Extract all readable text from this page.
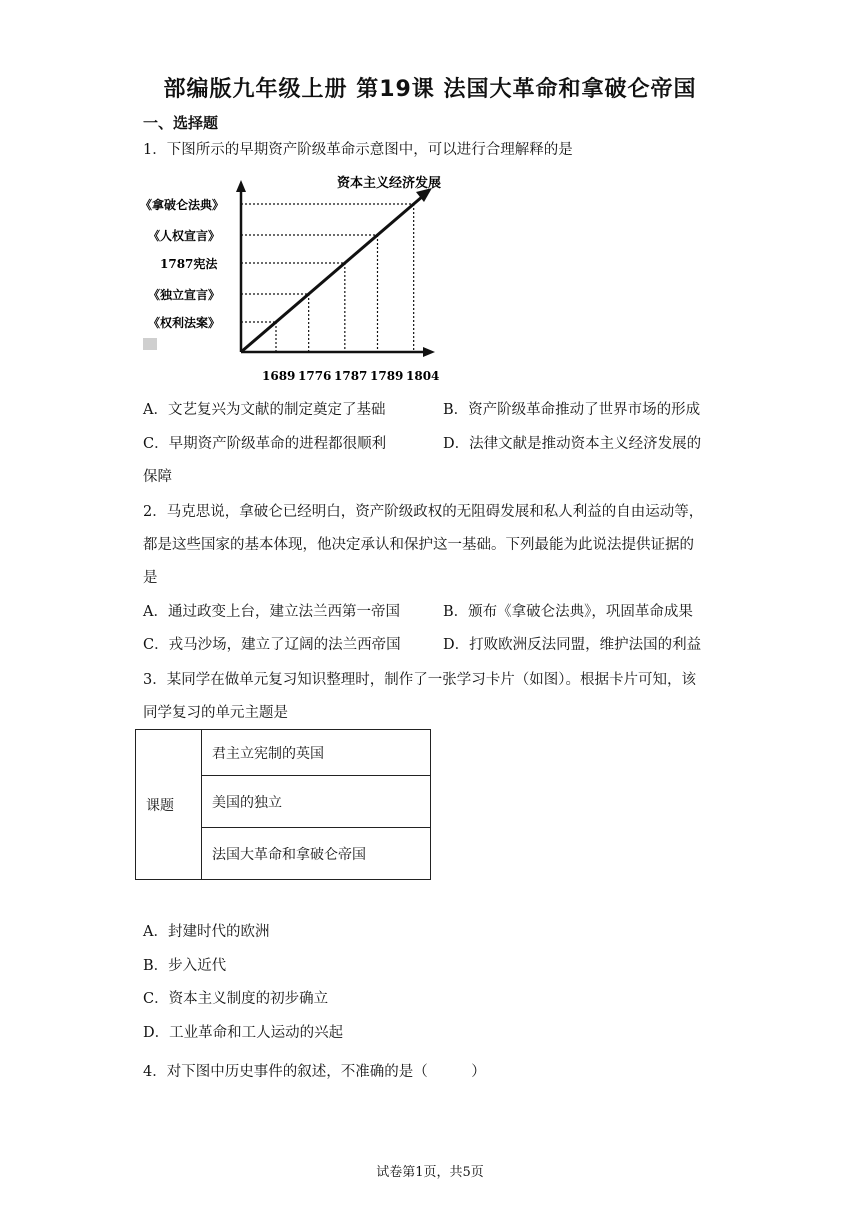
部编版九年级上册 第19课 法国大革命和拿破仑帝国
一、选择题
1．下图所示的早期资产阶级革命示意图中，可以进行合理解释的是
《权利法案》
《独立宣言》
1787宪法
《人权宣言》
《拿破仑法典》
1689 1776 1787 1789 1804
资本主义经济发展
A．文艺复兴为文献的制定奠定了基础	B．资产阶级革命推动了世界市场的形成
C．早期资产阶级革命的进程都很顺利	D．法律文献是推动资本主义经济发展的
保障
2．马克思说，拿破仑已经明白，资产阶级政权的无阻碍发展和私人利益的自由运动等，
都是这些国家的基本体现，他决定承认和保护这一基础。下列最能为此说法提供证据的
是
A．通过政变上台，建立法兰西第一帝国	B．颁布《拿破仑法典》，巩固革命成果
C．戎马沙场，建立了辽阔的法兰西帝国	D．打败欧洲反法同盟，维护法国的利益
3．某同学在做单元复习知识整理时，制作了一张学习卡片（如图）。根据卡片可知，该
同学复习的单元主题是
课题	君主立宪制的英国
美国的独立
法国大革命和拿破仑帝国
A．封建时代的欧洲
B．步入近代
C．资本主义制度的初步确立
D．工业革命和工人运动的兴起
4．对下图中历史事件的叙述，不准确的是（　　　）
试卷第1页，共5页
